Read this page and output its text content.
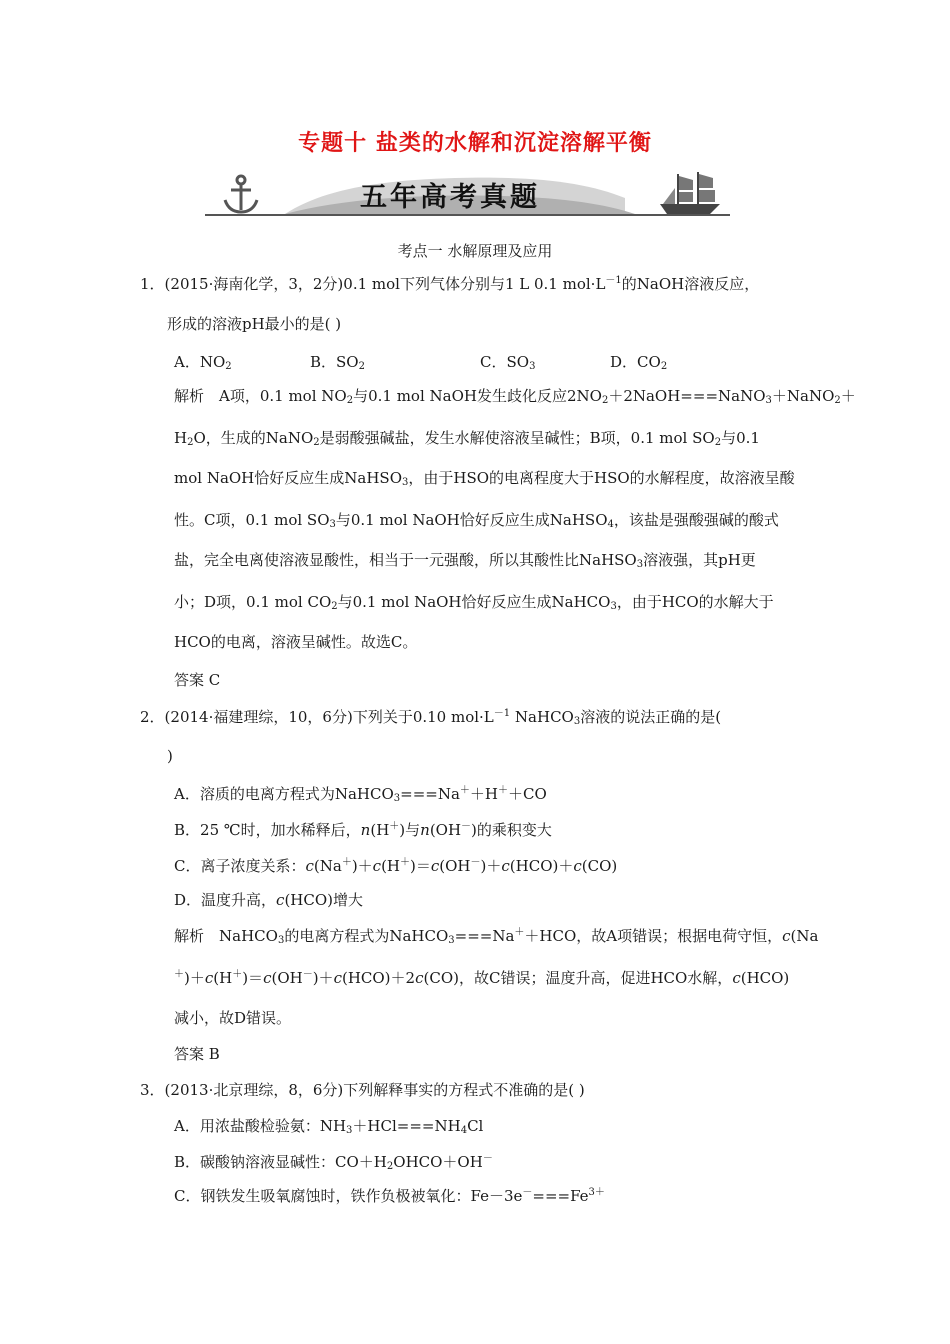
专题十 盐类的水解和沉淀溶解平衡
五年高考真题
考点一 水解原理及应用
1．(2015·海南化学，3，2分)0.1 mol下列气体分别与1 L 0.1 $mol\cdot L^{-1}$的NaOH溶液反应，
形成的溶液pH最小的是( )
A．$NO_2$	B．$SO_2$	C．$SO_3$	D．$CO_2$
解析　A项，0.1 mol $NO_2$与0.1 mol NaOH发生歧化反应$2NO_2+2NaOH===NaNO_3+NaNO_2+$
$H_2O$，生成的NaNO$_2$是弱酸强碱盐，发生水解使溶液呈碱性；B项，0.1 mol $SO_2$与0.1
mol NaOH恰好反应生成NaHSO$_3$，由于HSO的电离程度大于HSO的水解程度，故溶液呈酸
性。C项，0.1 mol $SO_3$与0.1 mol NaOH恰好反应生成NaHSO$_4$，该盐是强酸强碱的酸式
盐，完全电离使溶液显酸性，相当于一元强酸，所以其酸性比NaHSO$_3$溶液强，其pH更
小；D项，0.1 mol $CO_2$与0.1 mol NaOH恰好反应生成NaHCO$_3$，由于HCO的水解大于
HCO的电离，溶液呈碱性。故选C。
答案 C
2．(2014·福建理综，10，6分)下列关于0.10 $mol\cdot L^{-1}$ NaHCO$_3$溶液的说法正确的是(
)
A．溶质的电离方程式为NaHCO$_3$===Na＋＋H＋＋CO
B．25 ℃时，加水稀释后，n(H＋)与n(OH－)的乘积变大
C．离子浓度关系：c(Na＋)＋c(H＋)＝c(OH－)＋c(HCO)＋c(CO)
D．温度升高，c(HCO)增大
解析　NaHCO$_3$的电离方程式为NaHCO$_3$===Na＋＋HCO，故A项错误；根据电荷守恒，c(Na
＋)＋c(H＋)＝c(OH－)＋c(HCO)＋2c(CO)，故C错误；温度升高，促进HCO水解，c(HCO)
减小，故D错误。
答案 B
3．(2013·北京理综，8，6分)下列解释事实的方程式不准确的是( )
A．用浓盐酸检验氨：$NH_3+HCl===NH_4Cl$
B．碳酸钠溶液显碱性：$CO+H_2OHCO+OH^-$
C．钢铁发生吸氧腐蚀时，铁作负极被氧化：$Fe-3e^-===Fe^{3+}$
